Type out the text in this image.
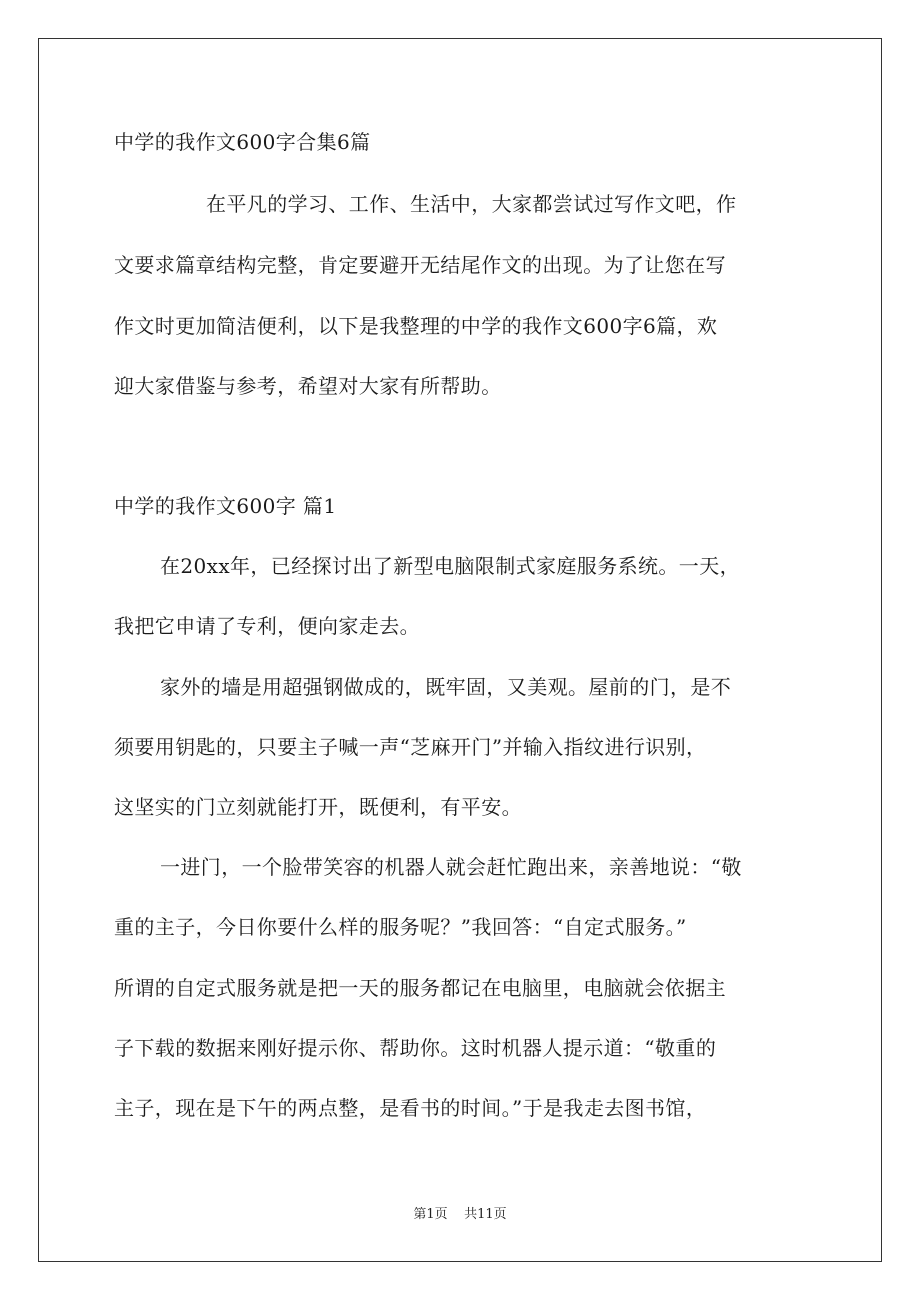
中学的我作文600字合集6篇
在平凡的学习、工作、生活中，大家都尝试过写作文吧，作
文要求篇章结构完整，肯定要避开无结尾作文的出现。为了让您在写
作文时更加简洁便利，以下是我整理的中学的我作文600字6篇，欢
迎大家借鉴与参考，希望对大家有所帮助。
中学的我作文600字 篇1
在20xx年，已经探讨出了新型电脑限制式家庭服务系统。一天，
我把它申请了专利，便向家走去。
家外的墙是用超强钢做成的，既牢固，又美观。屋前的门，是不
须要用钥匙的，只要主子喊一声“芝麻开门”并输入指纹进行识别，
这坚实的门立刻就能打开，既便利，有平安。
一进门，一个脸带笑容的机器人就会赶忙跑出来，亲善地说：“敬
重的主子，今日你要什么样的服务呢？”我回答：“自定式服务。”
所谓的自定式服务就是把一天的服务都记在电脑里，电脑就会依据主
子下载的数据来刚好提示你、帮助你。这时机器人提示道：“敬重的
主子，现在是下午的两点整，是看书的时间。”于是我走去图书馆，
第1页    共11页
